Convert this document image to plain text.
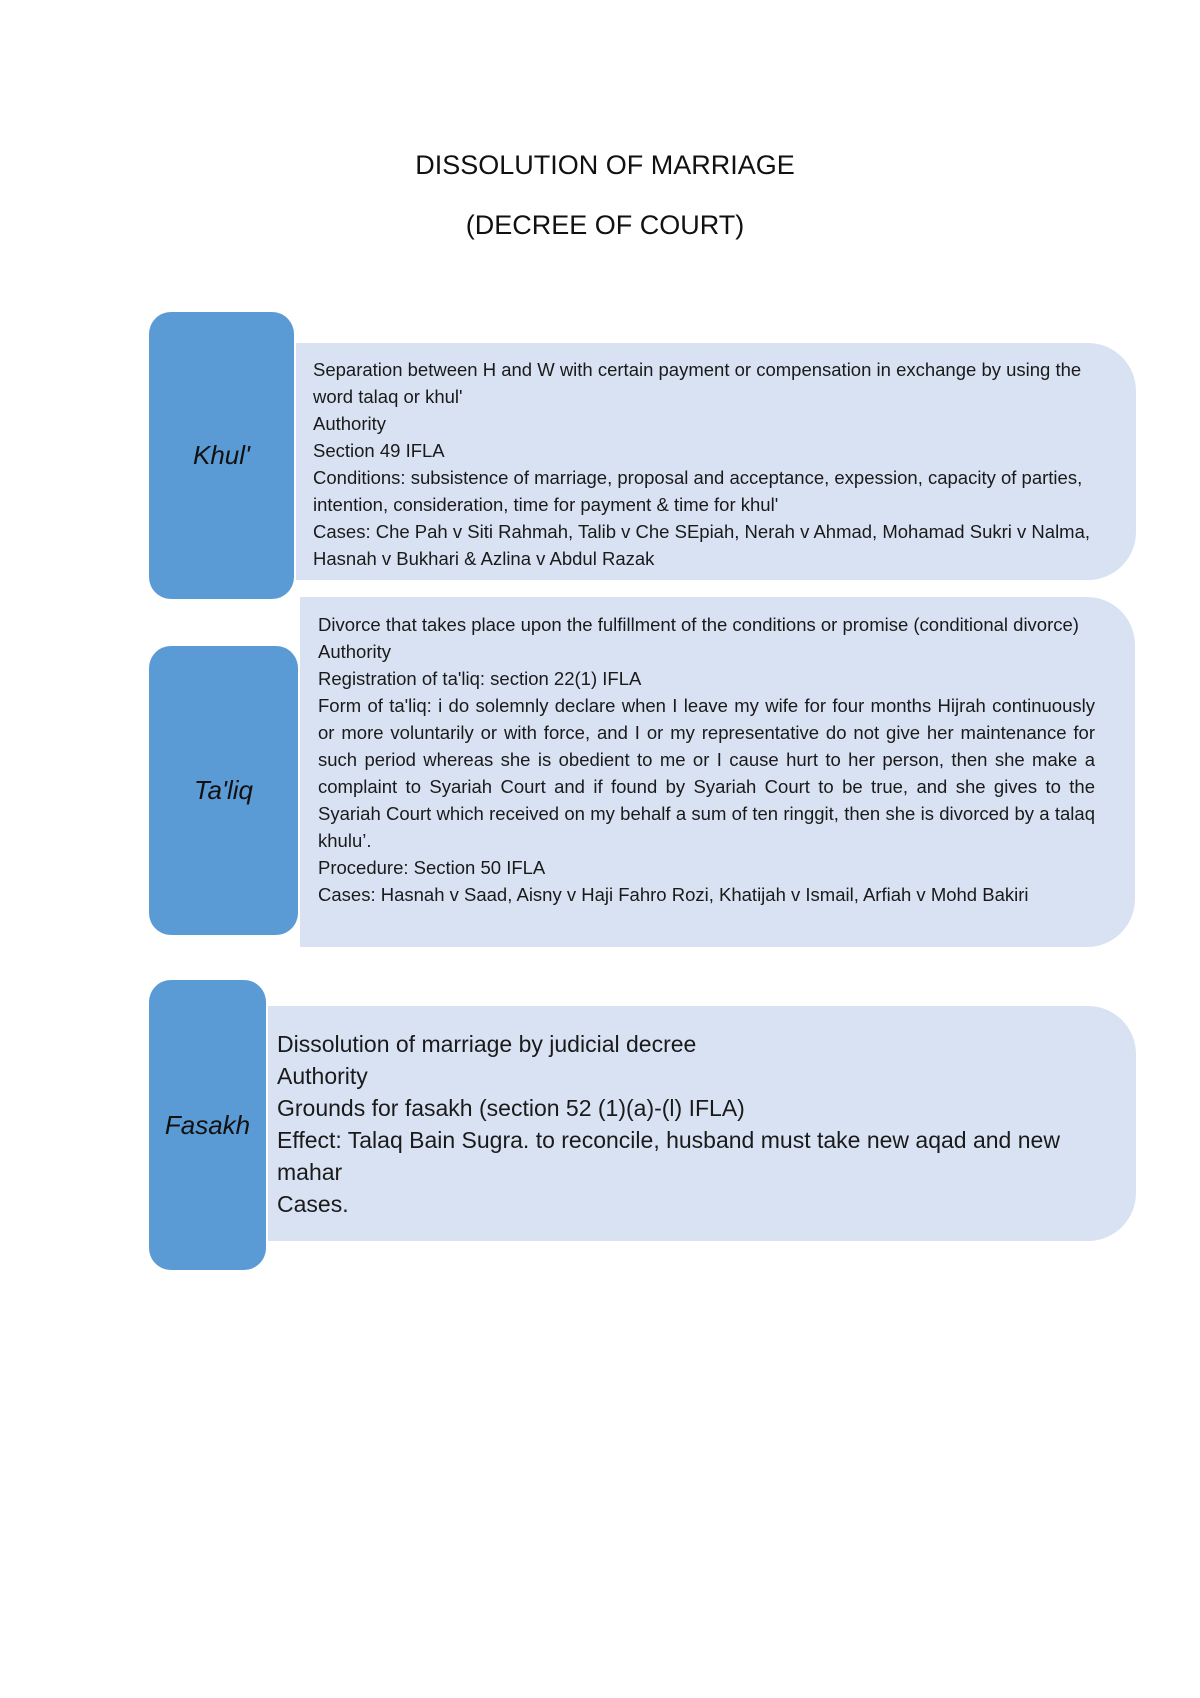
DISSOLUTION OF MARRIAGE
(DECREE OF COURT)

Separation between H and W with certain payment or compensation in exchange by using the word talaq or khul'

Authority

Section 49 IFLA

Conditions: subsistence of marriage, proposal and acceptance, expession, capacity of parties, intention, consideration, time for payment & time for khul'

Cases: Che Pah v Siti Rahmah, Talib v Che SEpiah, Nerah v Ahmad, Mohamad Sukri v Nalma, Hasnah v Bukhari & Azlina v Abdul Razak

Khul'

Divorce that takes place upon the fulfillment of the conditions or promise (conditional divorce)

Authority

Registration of ta'liq: section 22(1) IFLA

Form of ta'liq: i do solemnly declare when I leave my wife for four months Hijrah continuously or more voluntarily or with force, and I or my representative do not give her maintenance for such period whereas she is obedient to me or I cause hurt to her person, then she make a complaint to Syariah Court and if found by Syariah Court to be true, and she gives to the Syariah Court which received on my behalf a sum of ten ringgit, then she is divorced by a talaq khulu’.

Procedure: Section 50 IFLA

Cases: Hasnah v Saad, Aisny v Haji Fahro Rozi, Khatijah v Ismail, Arfiah v Mohd Bakiri

Ta'liq

Dissolution of marriage by judicial decree

Authority

Grounds for fasakh (section 52 (1)(a)-(l) IFLA)

Effect: Talaq Bain Sugra. to reconcile, husband must take new aqad and new mahar

Cases.

Fasakh
